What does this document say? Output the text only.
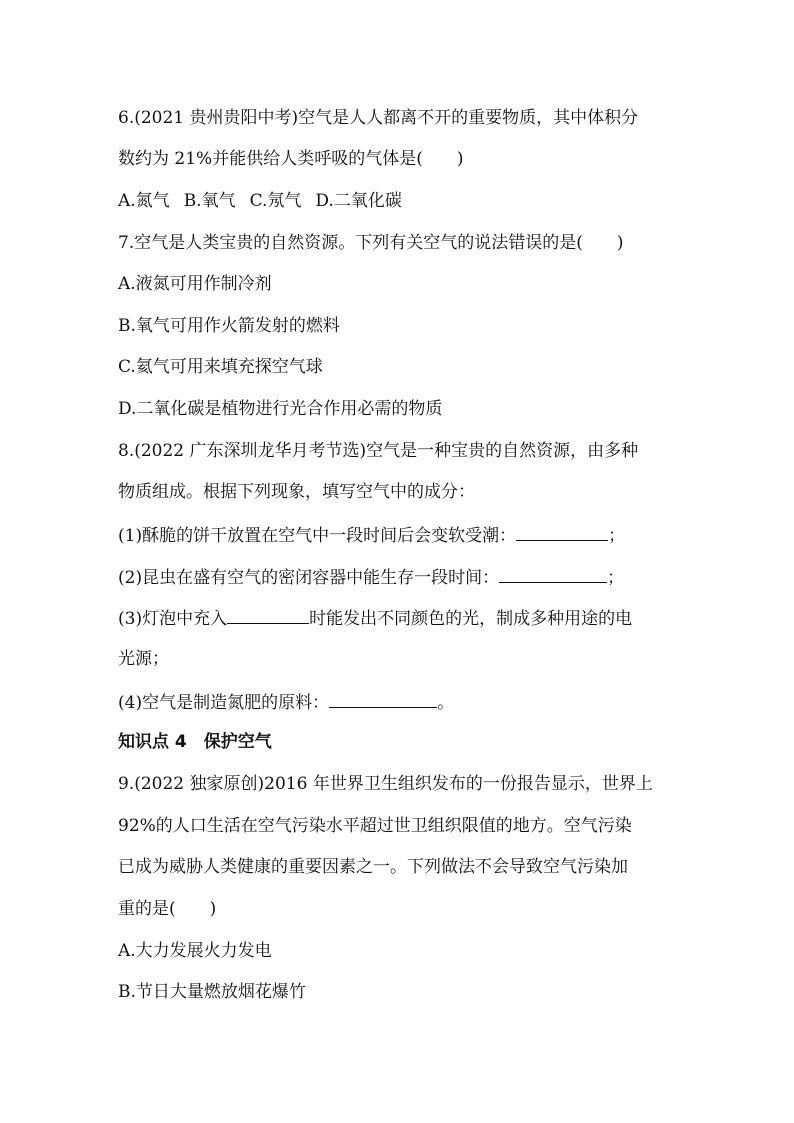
6.(2021 贵州贵阳中考)空气是人人都离不开的重要物质，其中体积分
数约为 21%并能供给人类呼吸的气体是(　　)
A.氮气 B.氧气 C.氖气 D.二氧化碳
7.空气是人类宝贵的自然资源。下列有关空气的说法错误的是(　　)
A.液氮可用作制冷剂
B.氧气可用作火箭发射的燃料
C.氦气可用来填充探空气球
D.二氧化碳是植物进行光合作用必需的物质
8.(2022 广东深圳龙华月考节选)空气是一种宝贵的自然资源，由多种
物质组成。根据下列现象，填写空气中的成分：
(1)酥脆的饼干放置在空气中一段时间后会变软受潮：	；
(2)昆虫在盛有空气的密闭容器中能生存一段时间：	；
(3)灯泡中充入	时能发出不同颜色的光，制成多种用途的电
光源；
(4)空气是制造氮肥的原料：	。
知识点 4　保护空气
9.(2022 独家原创)2016 年世界卫生组织发布的一份报告显示，世界上
92%的人口生活在空气污染水平超过世卫组织限值的地方。空气污染
已成为威胁人类健康的重要因素之一。下列做法不会导致空气污染加
重的是(　　)
A.大力发展火力发电
B.节日大量燃放烟花爆竹
